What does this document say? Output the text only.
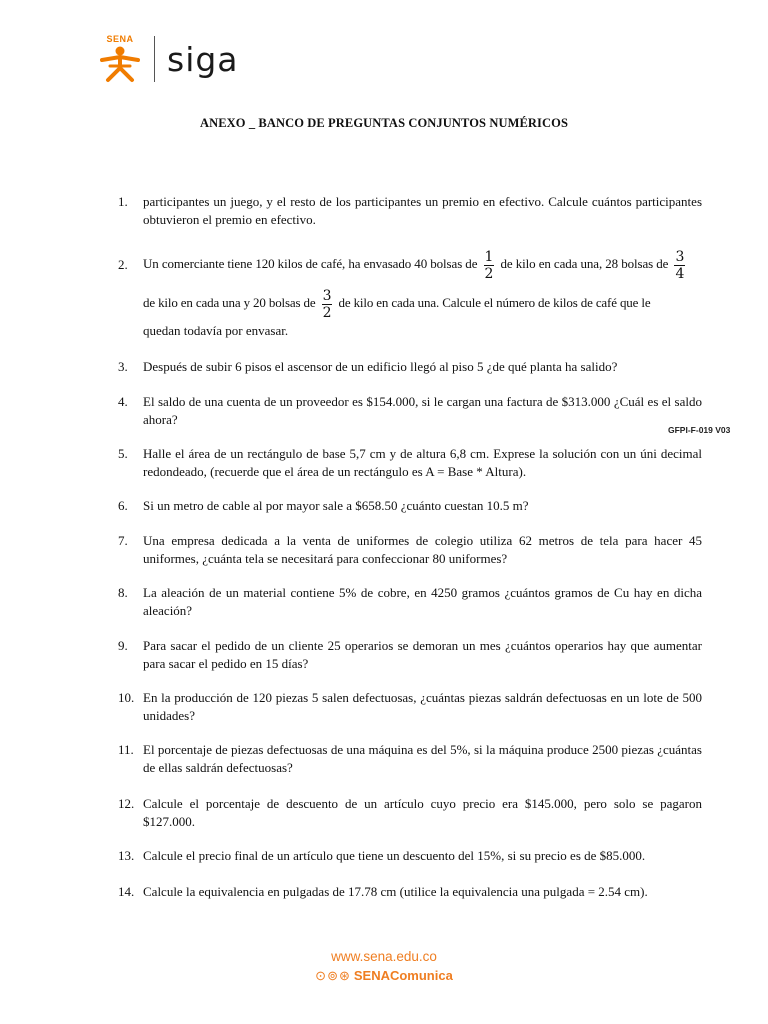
SENA
siga
ANEXO _ BANCO DE PREGUNTAS CONJUNTOS NUMÉRICOS
1.	participantes un juego, y el resto de los participantes un premio en efectivo. Calcule cuántos participantes obtuvieron el premio en efectivo.
2.	Un comerciante tiene 120 kilos de café, ha envasado 40 bolsas de $\frac{1}{2}$ de kilo en cada una, 28 bolsas de $\frac{3}{4}$
de kilo en cada una y 20 bolsas de $\frac{3}{2}$ de kilo en cada una. Calcule el número de kilos de café que le
quedan todavía por envasar.
3.	Después de subir 6 pisos el ascensor de un edificio llegó al piso 5 ¿de qué planta ha salido?
4.	El saldo de una cuenta de un proveedor es $154.000, si le cargan una factura de $313.000 ¿Cuál es el saldo ahora?
GFPI-F-019 V03
5.	Halle el área de un rectángulo de base 5,7 cm y de altura 6,8 cm. Exprese la solución con un úni decimal redondeado, (recuerde que el área de un rectángulo es A = Base * Altura).
6.	Si un metro de cable al por mayor sale a $658.50 ¿cuánto cuestan 10.5 m?
7.	Una empresa dedicada a la venta de uniformes de colegio utiliza 62 metros de tela para hacer 45 uniformes, ¿cuánta tela se necesitará para confeccionar 80 uniformes?
8.	La aleación de un material contiene 5% de cobre, en 4250 gramos ¿cuántos gramos de Cu hay en dicha aleación?
9.	Para sacar el pedido de un cliente 25 operarios se demoran un mes ¿cuántos operarios hay que aumentar para sacar el pedido en 15 días?
10. En la producción de 120 piezas 5 salen defectuosas, ¿cuántas piezas saldrán defectuosas en un lote de 500 unidades?
11. El porcentaje de piezas defectuosas de una máquina es del 5%, si la máquina produce 2500 piezas ¿cuántas de ellas saldrán defectuosas?
12. Calcule el porcentaje de descuento de un artículo cuyo precio era $145.000, pero solo se pagaron $127.000.
13. Calcule el precio final de un artículo que tiene un descuento del 15%, si su precio es de $85.000.
14. Calcule la equivalencia en pulgadas de 17.78 cm (utilice la equivalencia una pulgada = 2.54 cm).
www.sena.edu.co
⊙⊚⊛ SENAComunica
